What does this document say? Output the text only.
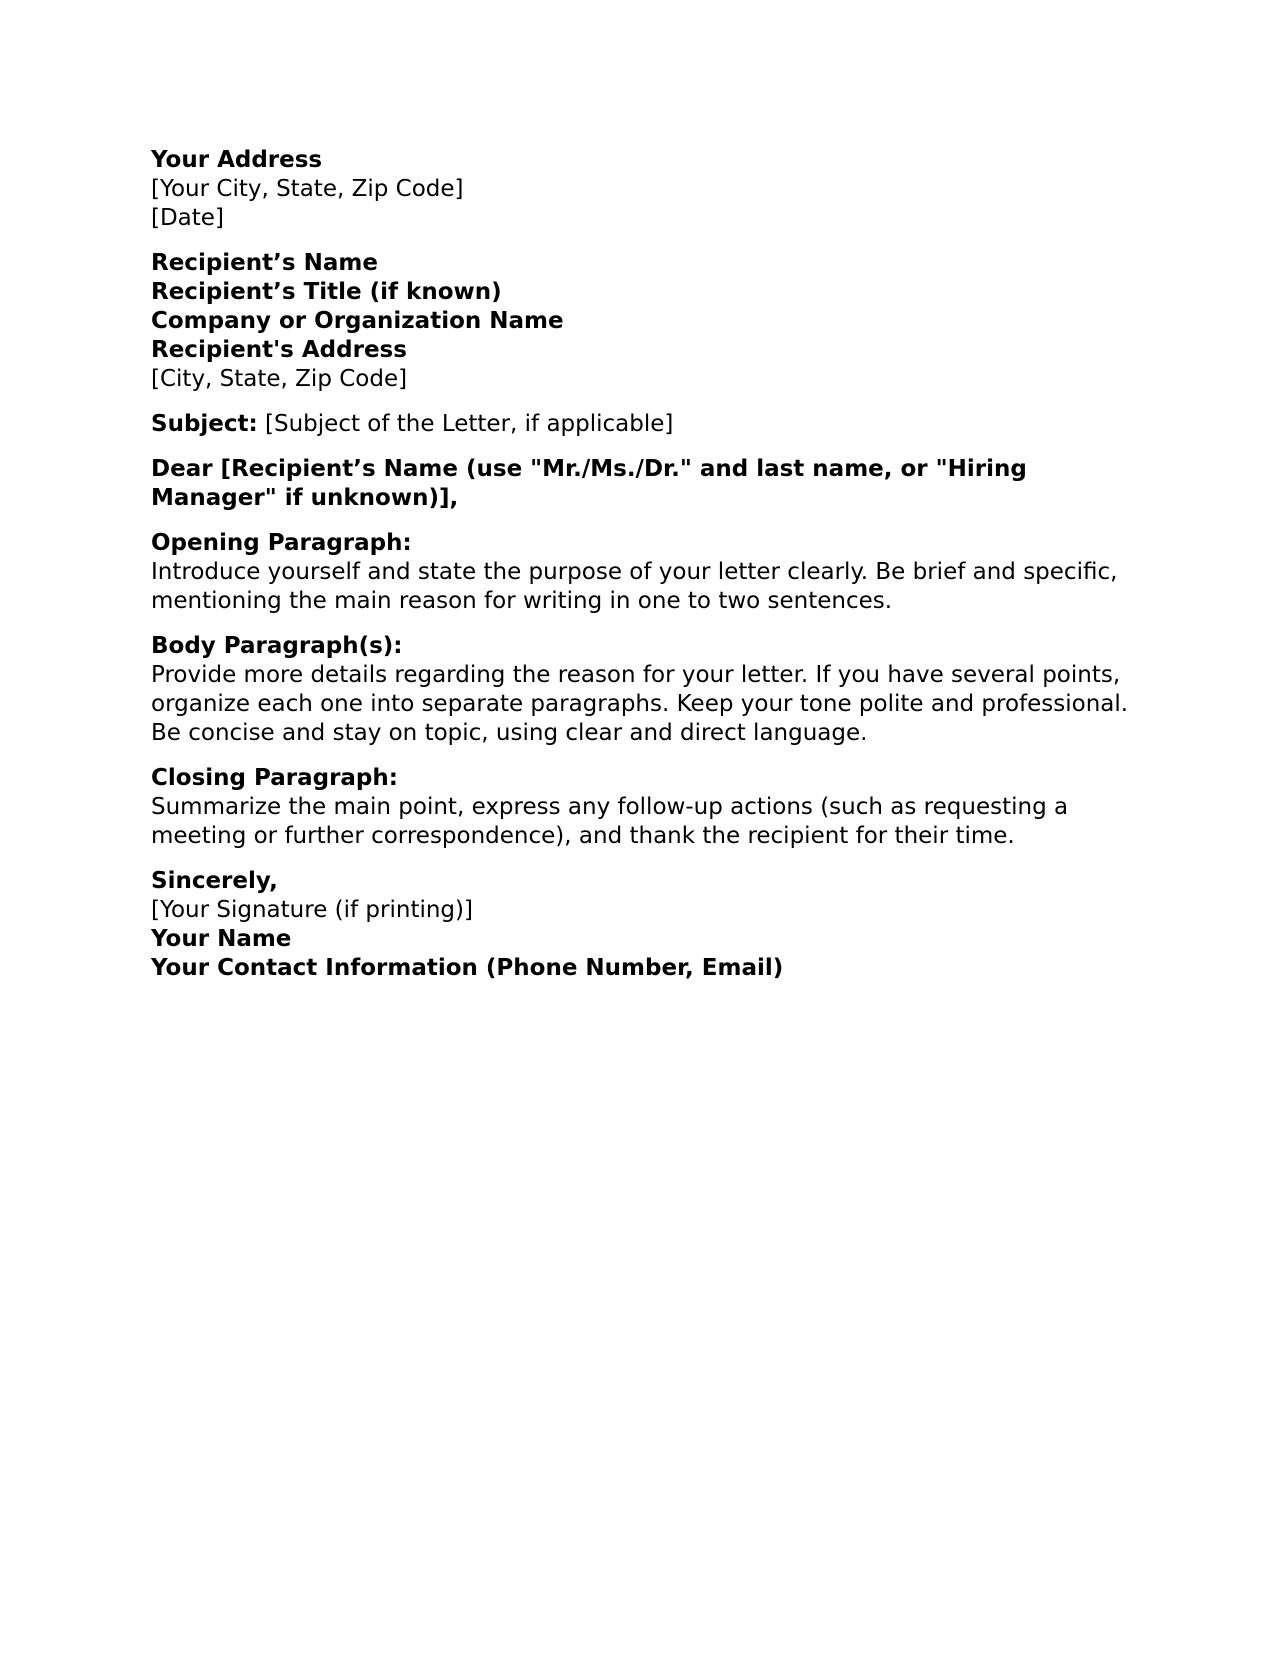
Your Address
[Your City, State, Zip Code]
[Date]
Recipient’s Name
Recipient’s Title (if known)
Company or Organization Name
Recipient's Address
[City, State, Zip Code]
Subject: [Subject of the Letter, if applicable]
Dear [Recipient’s Name (use "Mr./Ms./Dr." and last name, or "Hiring Manager" if unknown)],
Opening Paragraph:
Introduce yourself and state the purpose of your letter clearly. Be brief and specific,
mentioning the main reason for writing in one to two sentences.
Body Paragraph(s):
Provide more details regarding the reason for your letter. If you have several points,
organize each one into separate paragraphs. Keep your tone polite and professional.
Be concise and stay on topic, using clear and direct language.
Closing Paragraph:
Summarize the main point, express any follow-up actions (such as requesting a
meeting or further correspondence), and thank the recipient for their time.
Sincerely,
[Your Signature (if printing)]
Your Name
Your Contact Information (Phone Number, Email)
